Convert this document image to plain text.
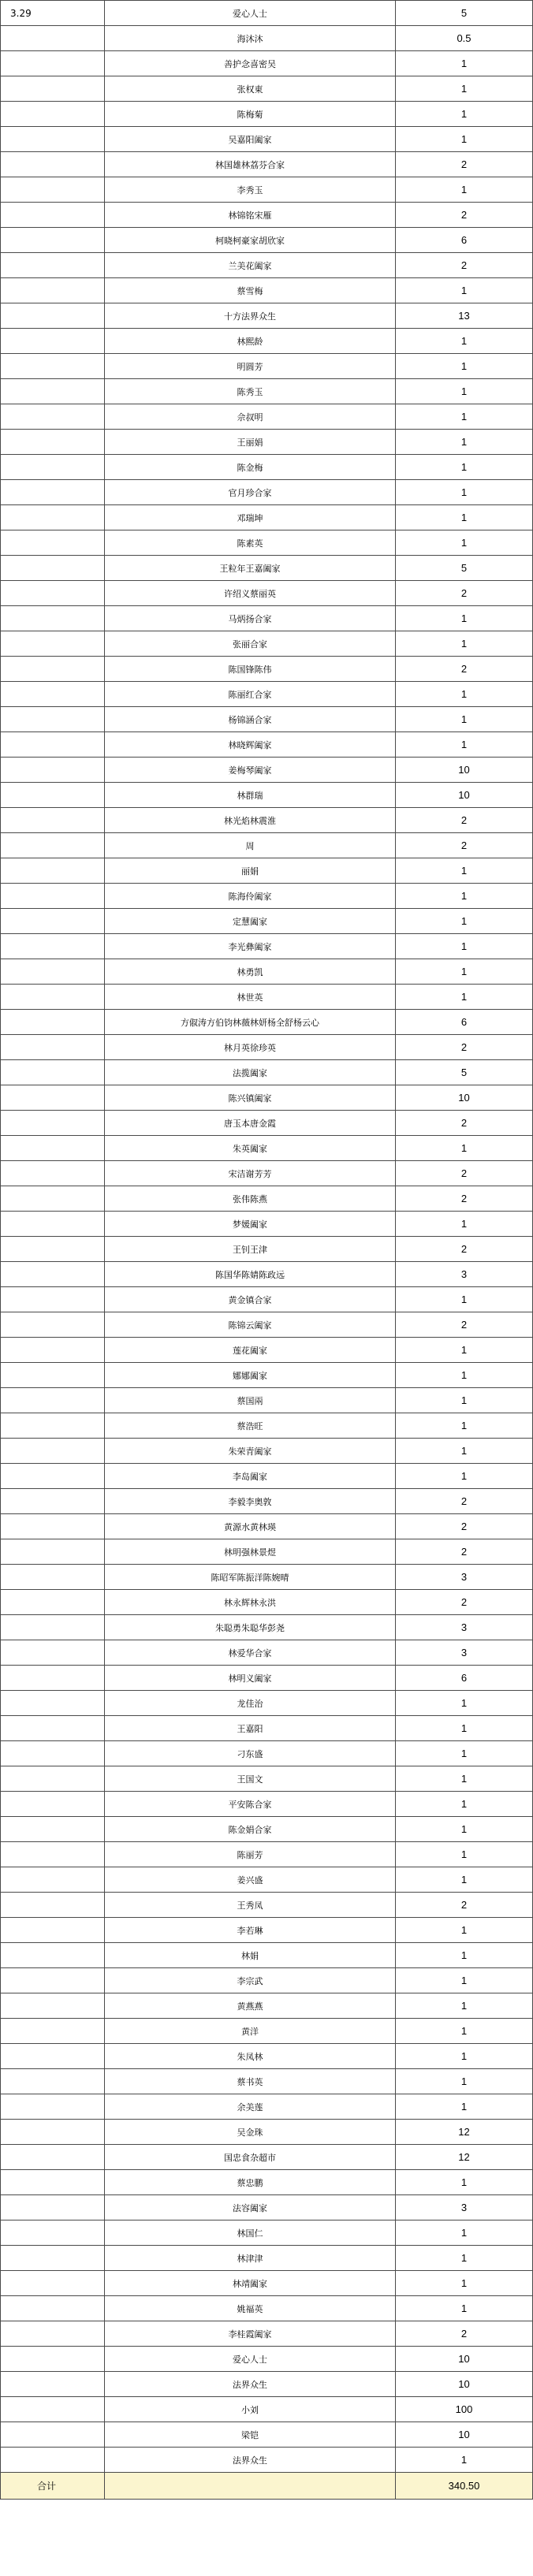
3.29	爱心人士	5
	海沐沐	0.5
	善护念喜密吴	1
	张权東	1
	陈梅菊	1
	吴嘉阳阖家	1
	林国雄林荔芬合家	2
	李秀玉	1
	林锦铭宋雁	2
	柯晓柯豪家胡欣家	6
	兰美花阖家	2
	蔡雪梅	1
	十方法界众生	13
	林熙龄	1
	明圆芳	1
	陈秀玉	1
	佘叔明	1
	王丽娟	1
	陈金梅	1
	官月珍合家	1
	邓瑞坤	1
	陈素英	1
	王粒年王嘉阖家	5
	许绍义蔡丽英	2
	马炳扬合家	1
	张丽合家	1
	陈国锋陈伟	2
	陈丽红合家	1
	杨锦涵合家	1
	林晓辉阖家	1
	姜梅琴阖家	10
	林群瑞	10
	林光焰林震淮	2
	周	2
	丽娟	1
	陈海伶阖家	1
	定慧阖家	1
	李光彝阖家	1
	林勇凯	1
	林世英	1
	方俶涛方伯钧林薇林妍杨全舒杨云心	6
	林月英徐珍英	2
	法揽阖家	5
	陈兴镇阖家	10
	唐玉本唐金霞	2
	朱英阖家	1
	宋洁谢芳芳	2
	张伟陈燕	2
	梦媛阖家	1
	王钊王津	2
	陈国华陈婧陈政远	3
	黄金镇合家	1
	陈锦云阖家	2
	莲花阖家	1
	娜娜阖家	1
	蔡国兩	1
	蔡浩旺	1
	朱荣青阖家	1
	李岛阖家	1
	李毅李奥敦	2
	黄源水黄林瑛	2
	林明强林景煜	2
	陈昭军陈振洋陈婉晴	3
	林永辉林永洪	2
	朱聪勇朱聪华彭尧	3
	林爱华合家	3
	林明义阖家	6
	龙佳治	1
	王嘉阳	1
	刁东盛	1
	王国文	1
	平安陈合家	1
	陈金娟合家	1
	陈丽芳	1
	姜兴盛	1
	王秀凤	2
	李若琳	1
	林娟	1
	李宗武	1
	黄燕燕	1
	黄洋	1
	朱凤林	1
	蔡书英	1
	余美莲	1
	吴金珠	12
	国忠食杂超市	12
	蔡忠鹏	1
	法容阖家	3
	林国仁	1
	林津津	1
	林靖阖家	1
	姚福英	1
	李桂霞阖家	2
	爱心人士	10
	法界众生	10
	小刘	100
	梁铠	10
	法界众生	1
合计		340.50
